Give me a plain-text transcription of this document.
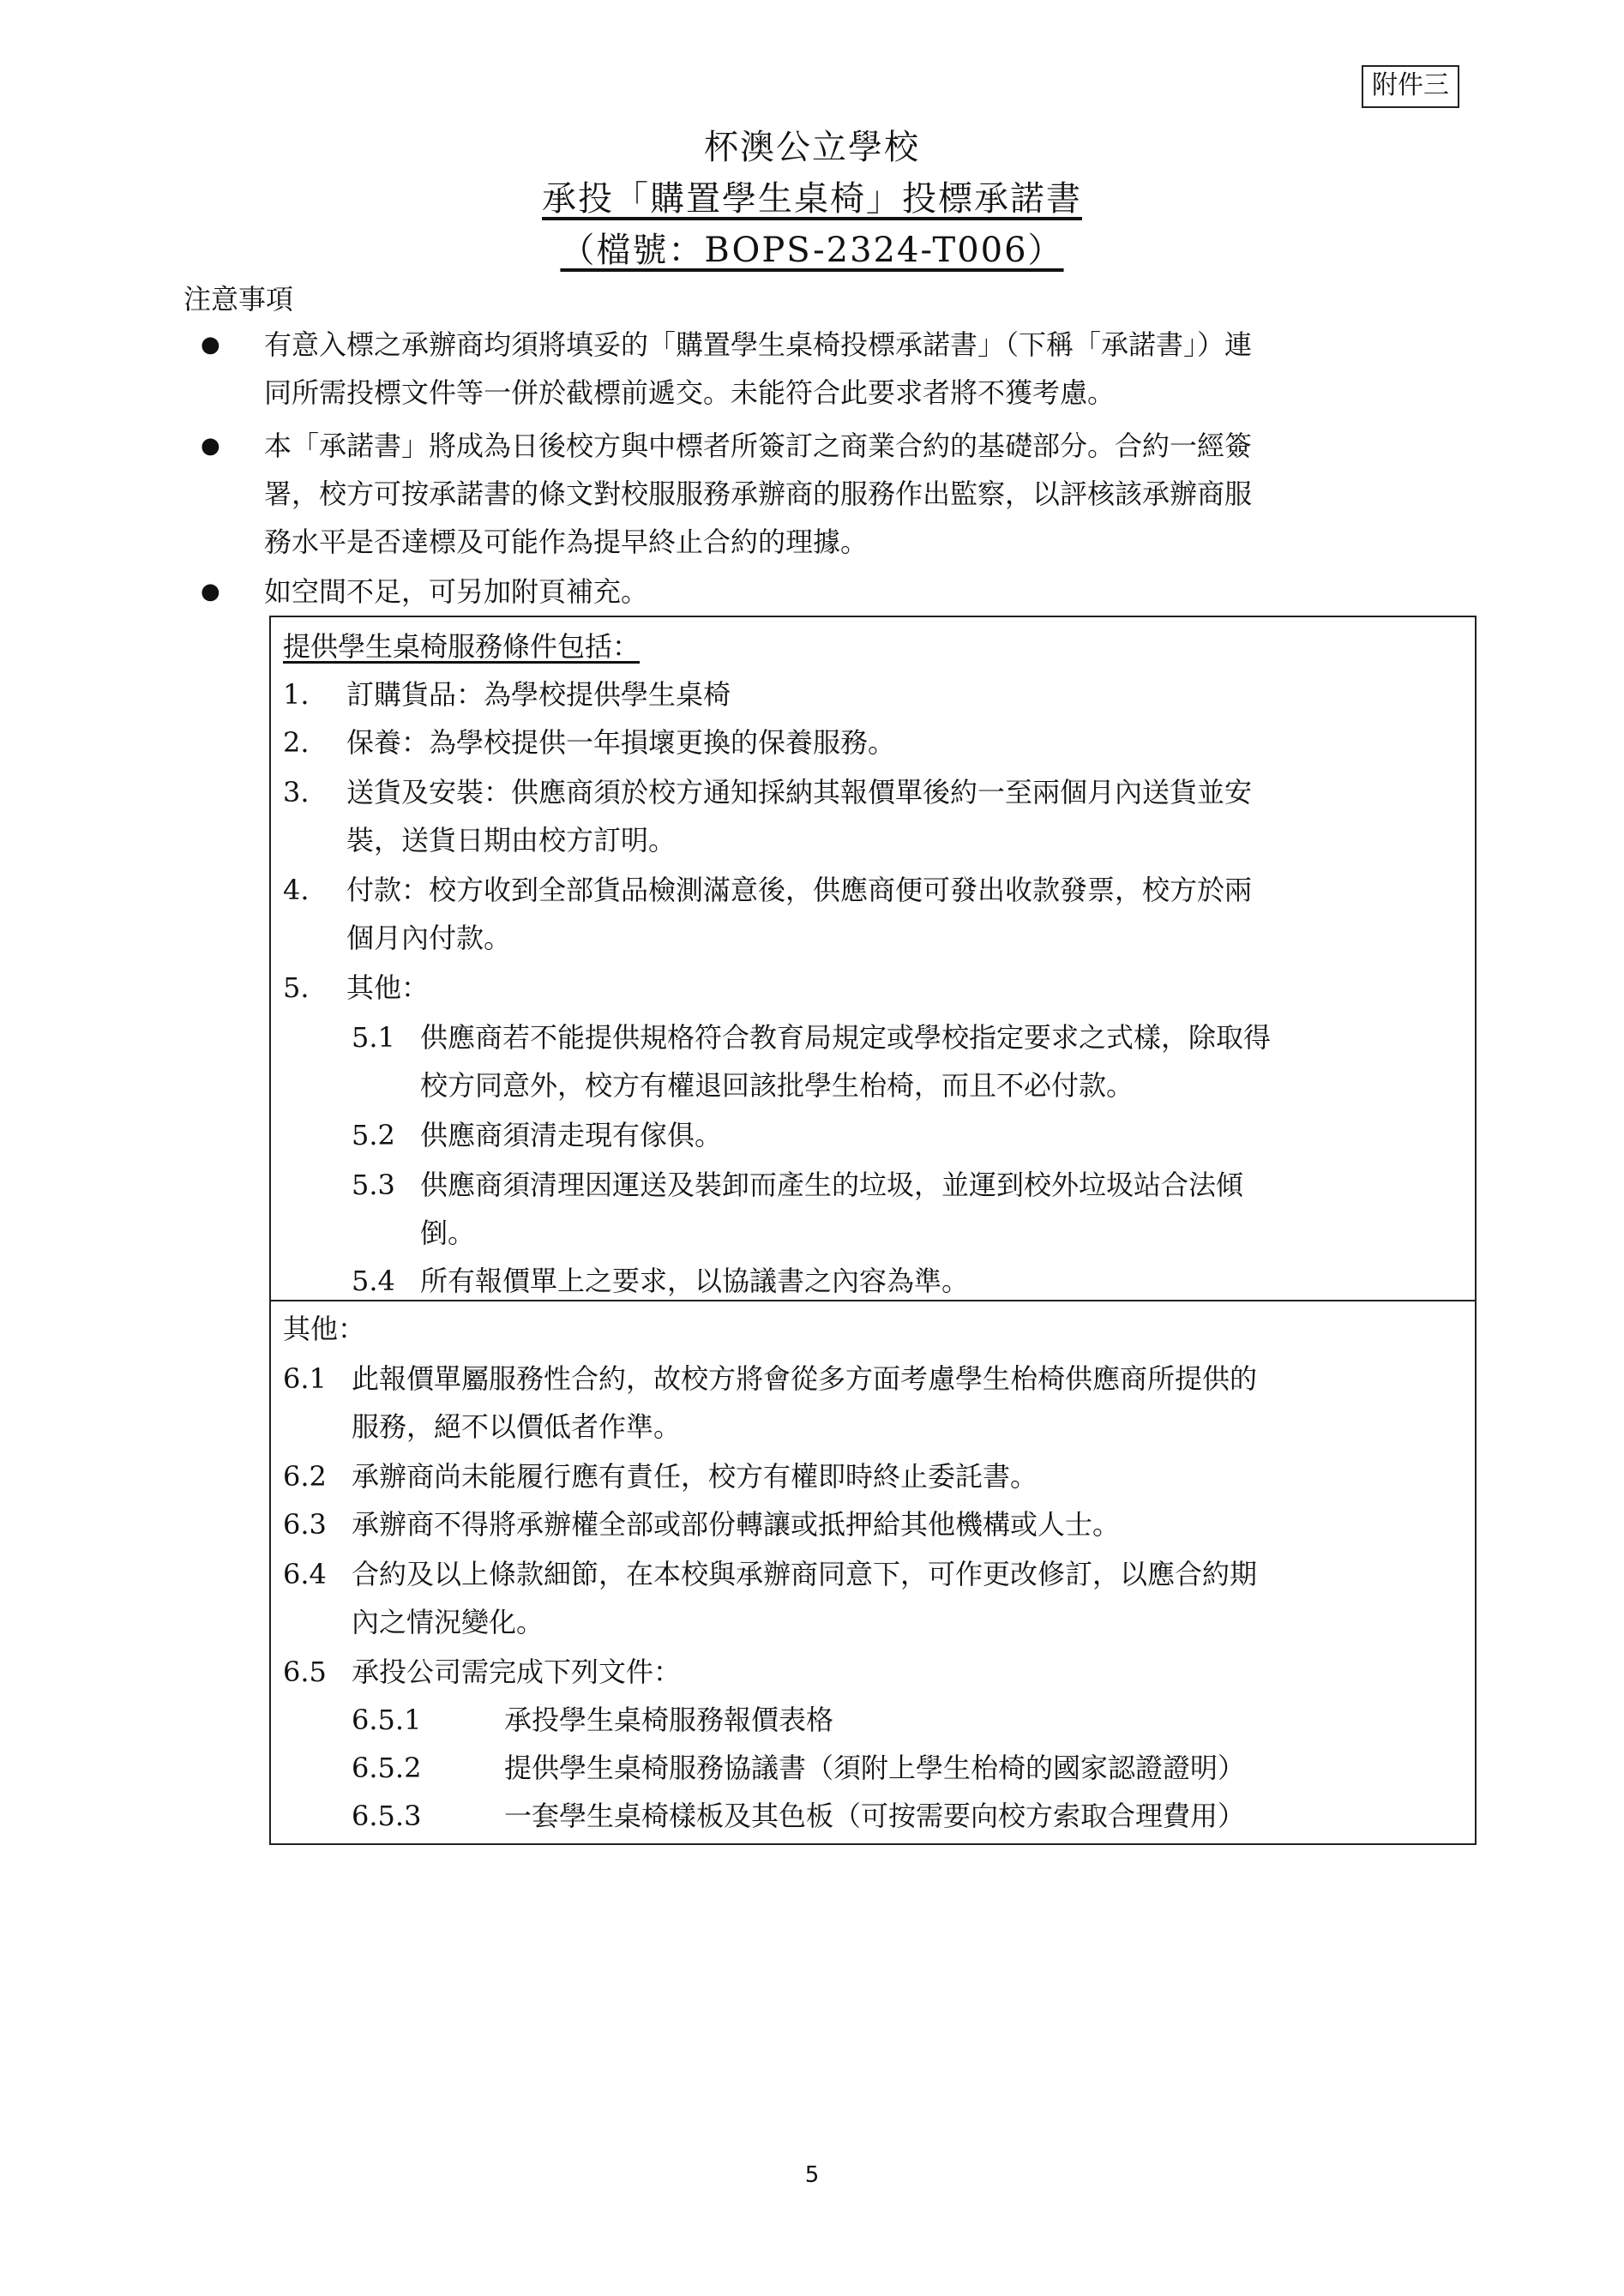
附件三
杯澳公立學校
承投「購置學生桌椅」投標承諾書
（檔號：BOPS-2324-T006）
注意事項
● 有意入標之承辦商均須將填妥的「購置學生桌椅投標承諾書」（下稱「承諾書」）連
同所需投標文件等一併於截標前遞交。未能符合此要求者將不獲考慮。
● 本「承諾書」將成為日後校方與中標者所簽訂之商業合約的基礎部分。合約一經簽
署，校方可按承諾書的條文對校服服務承辦商的服務作出監察，以評核該承辦商服
務水平是否達標及可能作為提早終止合約的理據。
● 如空間不足，可另加附頁補充。
提供學生桌椅服務條件包括：
1. 訂購貨品：為學校提供學生桌椅
2. 保養：為學校提供一年損壞更換的保養服務。
3. 送貨及安裝：供應商須於校方通知採納其報價單後約一至兩個月內送貨並安
裝，送貨日期由校方訂明。
4. 付款：校方收到全部貨品檢測滿意後，供應商便可發出收款發票，校方於兩
個月內付款。
5. 其他：
5.1 供應商若不能提供規格符合教育局規定或學校指定要求之式樣，除取得
校方同意外，校方有權退回該批學生枱椅，而且不必付款。
5.2 供應商須清走現有傢俱。
5.3 供應商須清理因運送及裝卸而產生的垃圾，並運到校外垃圾站合法傾
倒。
5.4 所有報價單上之要求，以協議書之內容為準。
其他：
6.1 此報價單屬服務性合約，故校方將會從多方面考慮學生枱椅供應商所提供的
服務，絕不以價低者作準。
6.2 承辦商尚未能履行應有責任，校方有權即時終止委託書。
6.3 承辦商不得將承辦權全部或部份轉讓或抵押給其他機構或人士。
6.4 合約及以上條款細節，在本校與承辦商同意下，可作更改修訂，以應合約期
內之情況變化。
6.5 承投公司需完成下列文件：
6.5.1	承投學生桌椅服務報價表格
6.5.2	提供學生桌椅服務協議書（須附上學生枱椅的國家認證證明）
6.5.3	一套學生桌椅樣板及其色板（可按需要向校方索取合理費用）
5
